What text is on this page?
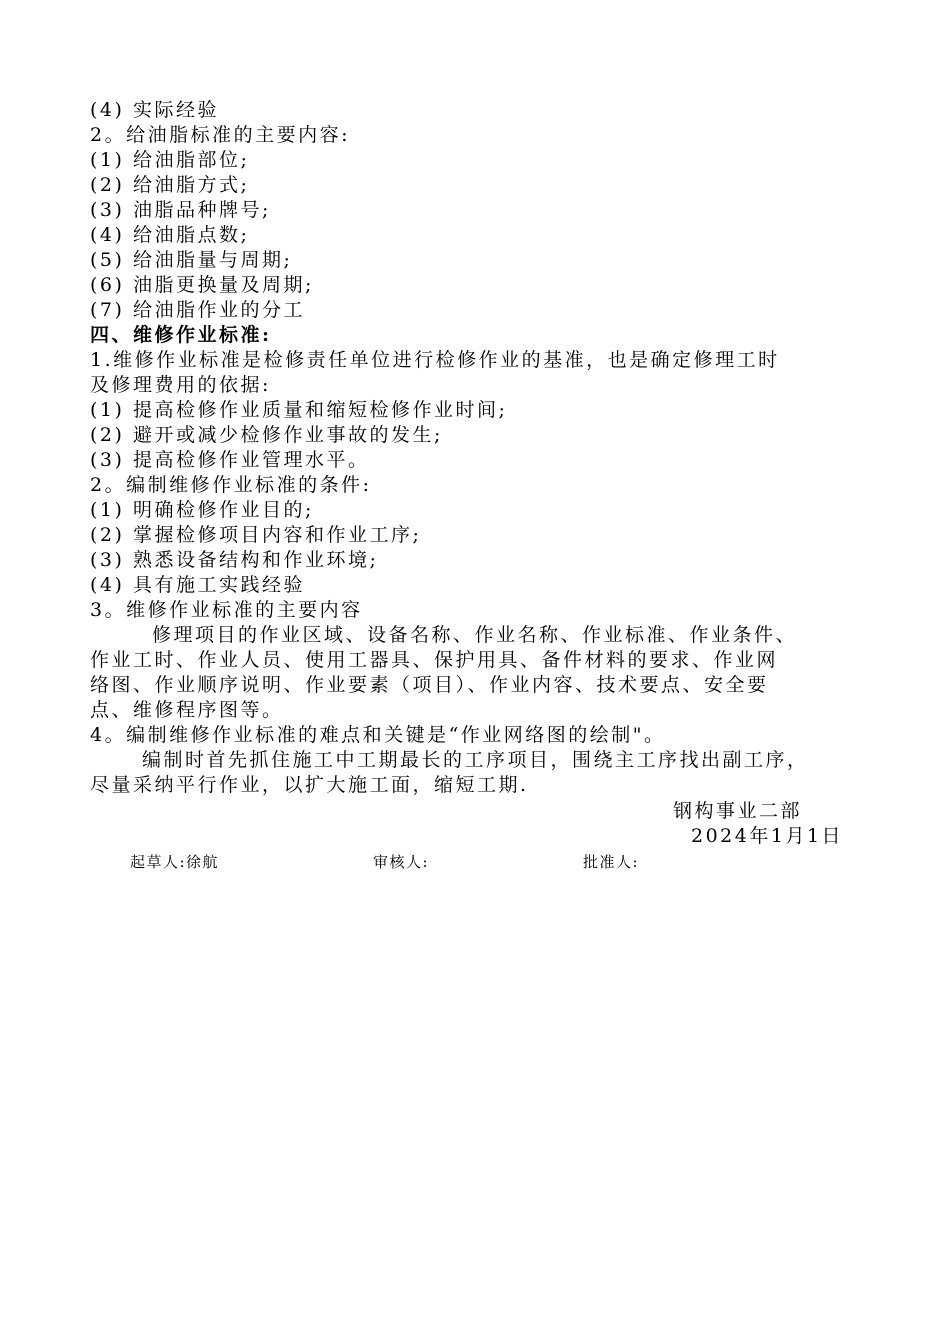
(4) 实际经验

2。给油脂标准的主要内容:

(1) 给油脂部位;

(2) 给油脂方式;

(3) 油脂品种牌号;

(4) 给油脂点数;

(5) 给油脂量与周期;

(6) 油脂更换量及周期;

(7) 给油脂作业的分工

四、维修作业标准:

1.维修作业标准是检修责任单位进行检修作业的基准，也是确定修理工时

及修理费用的依据:

(1) 提高检修作业质量和缩短检修作业时间;

(2) 避开或减少检修作业事故的发生;

(3) 提高检修作业管理水平。

2。编制维修作业标准的条件:

(1) 明确检修作业目的;

(2) 掌握检修项目内容和作业工序;

(3) 熟悉设备结构和作业环境;

(4) 具有施工实践经验

3。维修作业标准的主要内容

修理项目的作业区域、设备名称、作业名称、作业标准、作业条件、

作业工时、作业人员、使用工器具、保护用具、备件材料的要求、作业网

络图、作业顺序说明、作业要素（项目）、作业内容、技术要点、安全要

点、维修程序图等。

4。编制维修作业标准的难点和关键是“作业网络图的绘制"。

编制时首先抓住施工中工期最长的工序项目，围绕主工序找出副工序，

尽量采纳平行作业，以扩大施工面，缩短工期.

钢构事业二部
2024年1月1日
起草人:徐航	审核人:	批准人:
